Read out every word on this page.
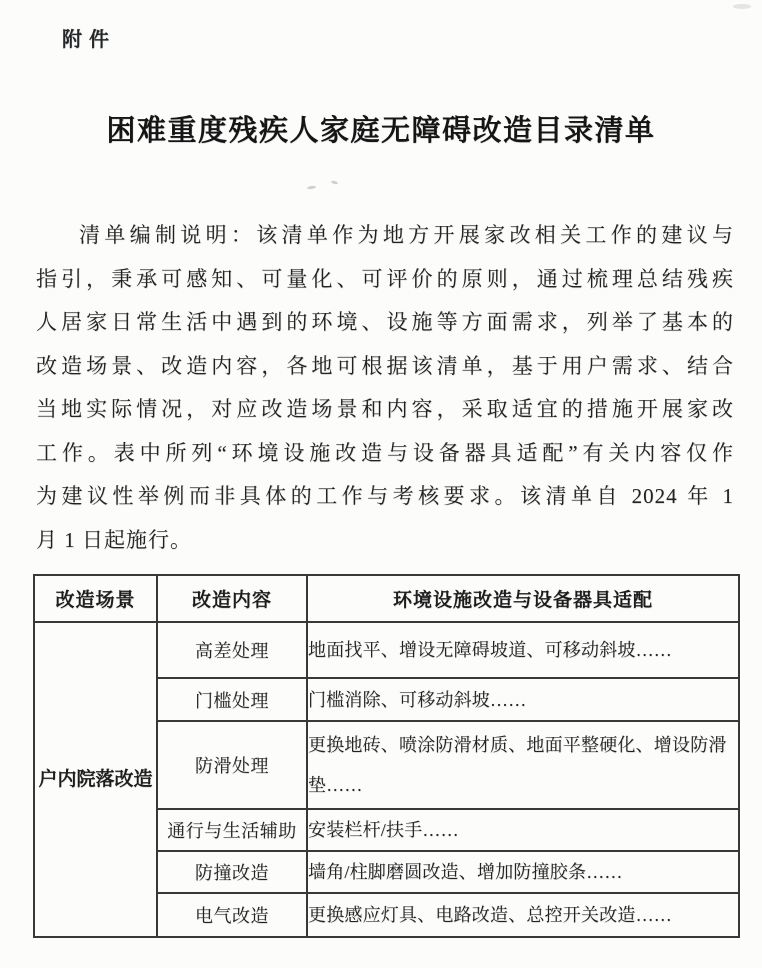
附件
困难重度残疾人家庭无障碍改造目录清单
清单编制说明：该清单作为地方开展家改相关工作的建议与
指引，秉承可感知、可量化、可评价的原则，通过梳理总结残疾
人居家日常生活中遇到的环境、设施等方面需求，列举了基本的
改造场景、改造内容，各地可根据该清单，基于用户需求、结合
当地实际情况，对应改造场景和内容，采取适宜的措施开展家改
工作。表中所列“环境设施改造与设备器具适配”有关内容仅作
为建议性举例而非具体的工作与考核要求。该清单自 2024 年 1
月 1 日起施行。
改造场景	改造内容	环境设施改造与设备器具适配
户内院落改造	高差处理	地面找平、增设无障碍坡道、可移动斜坡……
	门槛处理	门槛消除、可移动斜坡……
	防滑处理	更换地砖、喷涂防滑材质、地面平整硬化、增设防滑垫……
	通行与生活辅助	安装栏杆/扶手……
	防撞改造	墙角/柱脚磨圆改造、增加防撞胶条……
	电气改造	更换感应灯具、电路改造、总控开关改造……
